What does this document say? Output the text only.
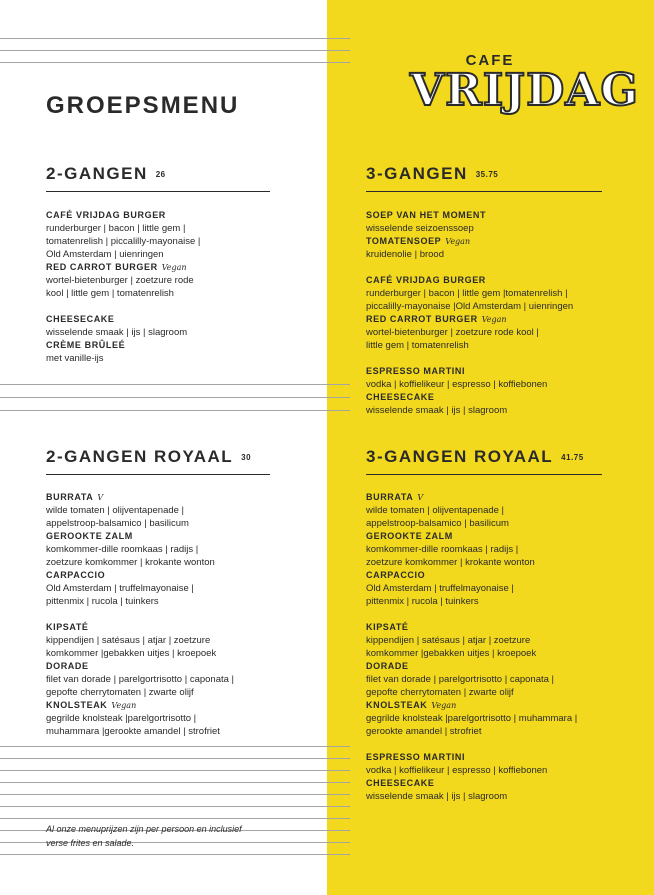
CAFE
VRIJDAG
GROEPSMENU
2-GANGEN 26
CAFÉ VRIJDAG BURGER
runderburger | bacon | little gem |
tomatenrelish | piccalilly-mayonaise |
Old Amsterdam | uienringen
RED CARROT BURGER Vegan
wortel-bietenburger | zoetzure rode
kool | little gem | tomatenrelish
CHEESECAKE
wisselende smaak | ijs | slagroom
CRÈME BRÛLEÉ
met vanille-ijs
3-GANGEN 35.75
SOEP VAN HET MOMENT
wisselende seizoenssoep
TOMATENSOEP Vegan
kruidenolie | brood
CAFÉ VRIJDAG BURGER
runderburger | bacon | little gem |tomatenrelish |
piccalilly-mayonaise |Old Amsterdam | uienringen
RED CARROT BURGER Vegan
wortel-bietenburger | zoetzure rode kool |
little gem | tomatenrelish
ESPRESSO MARTINI
vodka | koffielikeur | espresso | koffiebonen
CHEESECAKE
wisselende smaak | ijs | slagroom
2-GANGEN ROYAAL 30
BURRATA V
wilde tomaten | olijventapenade |
appelstroop-balsamico | basilicum
GEROOKTE ZALM
komkommer-dille roomkaas | radijs |
zoetzure komkommer | krokante wonton
CARPACCIO
Old Amsterdam | truffelmayonaise |
pittenmix | rucola | tuinkers
KIPSATÉ
kippendijen | satésaus | atjar | zoetzure
komkommer |gebakken uitjes | kroepoek
DORADE
filet van dorade | parelgortrisotto | caponata |
gepofte cherrytomaten | zwarte olijf
KNOLSTEAK Vegan
gegrilde knolsteak |parelgortrisotto |
muhammara |gerookte amandel | strofriet
3-GANGEN ROYAAL 41.75
BURRATA V
wilde tomaten | olijventapenade |
appelstroop-balsamico | basilicum
GEROOKTE ZALM
komkommer-dille roomkaas | radijs |
zoetzure komkommer | krokante wonton
CARPACCIO
Old Amsterdam | truffelmayonaise |
pittenmix | rucola | tuinkers
KIPSATÉ
kippendijen | satésaus | atjar | zoetzure
komkommer |gebakken uitjes | kroepoek
DORADE
filet van dorade | parelgortrisotto | caponata |
gepofte cherrytomaten | zwarte olijf
KNOLSTEAK Vegan
gegrilde knolsteak |parelgortrisotto | muhammara |
gerookte amandel | strofriet
ESPRESSO MARTINI
vodka | koffielikeur | espresso | koffiebonen
CHEESECAKE
wisselende smaak | ijs | slagroom
Al onze menuprijzen zijn per persoon en inclusief
verse frites en salade.
